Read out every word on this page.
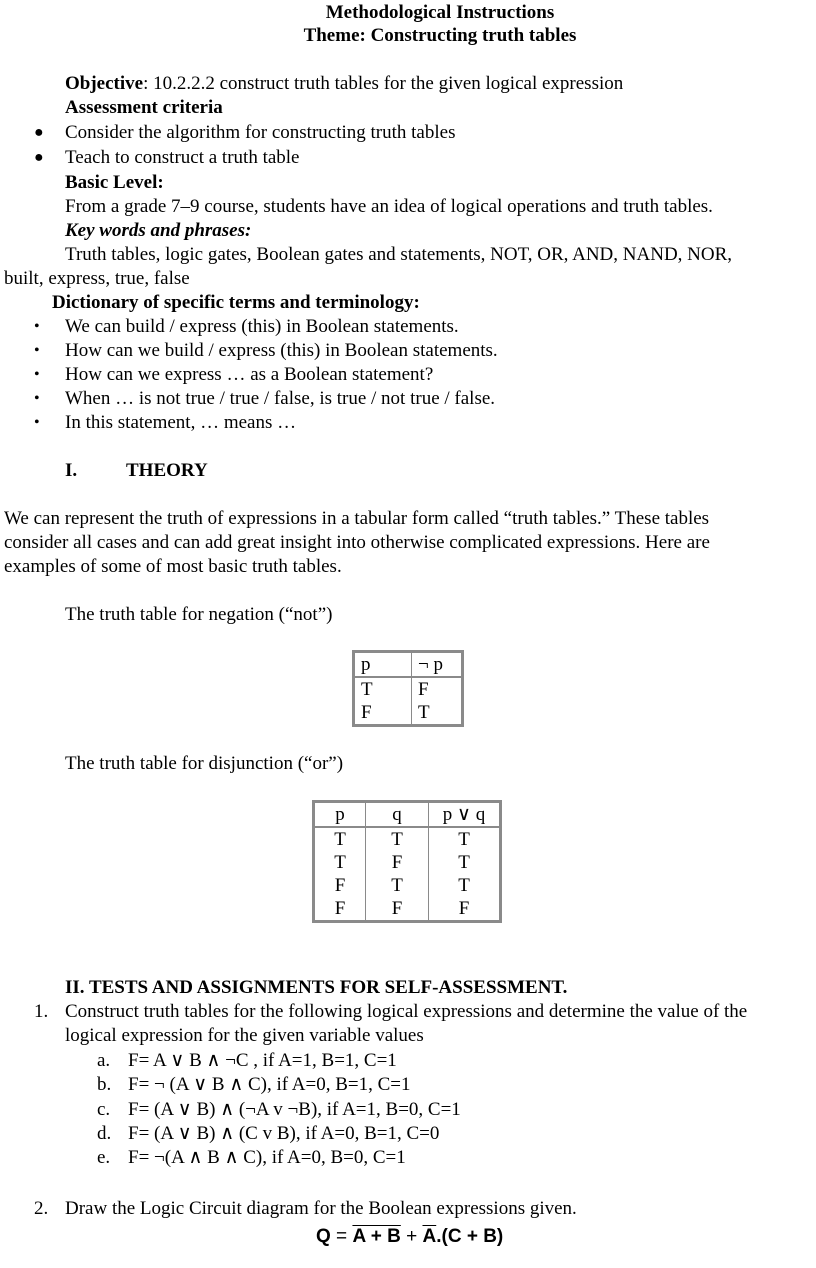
Methodological Instructions
Theme: Constructing truth tables
Objective: 10.2.2.2 construct truth tables for the given logical expression
Assessment criteria
● Consider the algorithm for constructing truth tables
● Teach to construct a truth table
Basic Level:
From a grade 7–9 course, students have an idea of logical operations and truth tables.
Key words and phrases:
Truth tables, logic gates, Boolean gates and statements, NOT, OR, AND, NAND, NOR,
built, express, true, false
Dictionary of specific terms and terminology:
• We can build / express (this) in Boolean statements.
• How can we build / express (this) in Boolean statements.
• How can we express … as a Boolean statement?
• When … is not true / true / false, is true / not true / false.
• In this statement, … means …
I.	THEORY
We can represent the truth of expressions in a tabular form called “truth tables.” These tables
consider all cases and can add great insight into otherwise complicated expressions. Here are
examples of some of most basic truth tables.
The truth table for negation (“not”)
p	¬ p
T	F
F	T
The truth table for disjunction (“or”)
p	q	p ∨ q
T	T	T
T	F	T
F	T	T
F	F	F
II. TESTS AND ASSIGNMENTS FOR SELF-ASSESSMENT.
1. Construct truth tables for the following logical expressions and determine the value of the
logical expression for the given variable values
a. F= A ∨ B ∧ ¬C , if A=1, B=1, C=1
b. F= ¬ (A ∨ B ∧ C), if A=0, B=1, C=1
c. F= (A ∨ B) ∧ (¬A v ¬B), if A=1, B=0, C=1
d. F= (A ∨ B) ∧ (C v B), if A=0, B=1, C=0
e. F= ¬(A ∧ B ∧ C), if A=0, B=0, C=1
2. Draw the Logic Circuit diagram for the Boolean expressions given.
$Q = A + B + \overline{A}.(C + B)$
